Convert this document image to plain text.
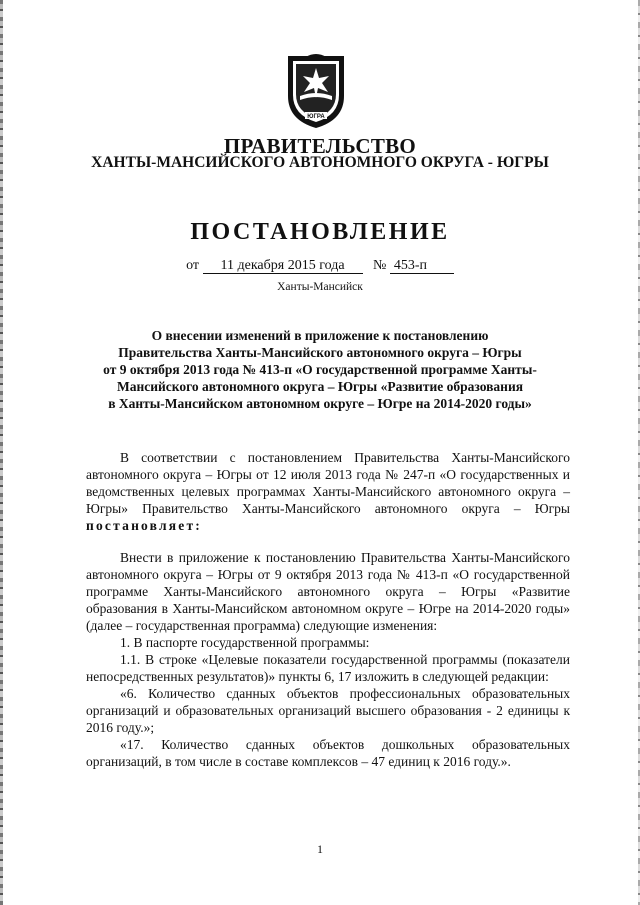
ЮГРА
ПРАВИТЕЛЬСТВО
ХАНТЫ-МАНСИЙСКОГО АВТОНОМНОГО ОКРУГА - ЮГРЫ
ПОСТАНОВЛЕНИЕ
от 11 декабря 2015 года № 453-п
Ханты-Мансийск
О внесении изменений в приложение к постановлению
Правительства Ханты-Мансийского автономного округа – Югры
от 9 октября 2013 года № 413-п «О государственной программе Ханты-
Мансийского автономного округа – Югры «Развитие образования
в Ханты-Мансийском автономном округе – Югре на 2014-2020 годы»

В соответствии с постановлением Правительства Ханты-Мансийского автономного округа – Югры от 12 июля 2013 года № 247-п «О государственных и ведомственных целевых программах Ханты-Мансийского автономного округа – Югры» Правительство Ханты-Мансийского автономного округа – Югры постановляет:

Внести в приложение к постановлению Правительства Ханты-Мансийского автономного округа – Югры от 9 октября 2013 года № 413-п «О государственной программе Ханты-Мансийского автономного округа – Югры «Развитие образования в Ханты-Мансийском автономном округе – Югре на 2014-2020 годы» (далее – государственная программа) следующие изменения:

1. В паспорте государственной программы:

1.1. В строке «Целевые показатели государственной программы (показатели непосредственных результатов)» пункты 6, 17 изложить в следующей редакции:

«6. Количество сданных объектов профессиональных образовательных организаций и образовательных организаций высшего образования - 2 единицы к 2016 году.»;

«17. Количество сданных объектов дошкольных образовательных организаций, в том числе в составе комплексов – 47 единиц к 2016 году.».

1
